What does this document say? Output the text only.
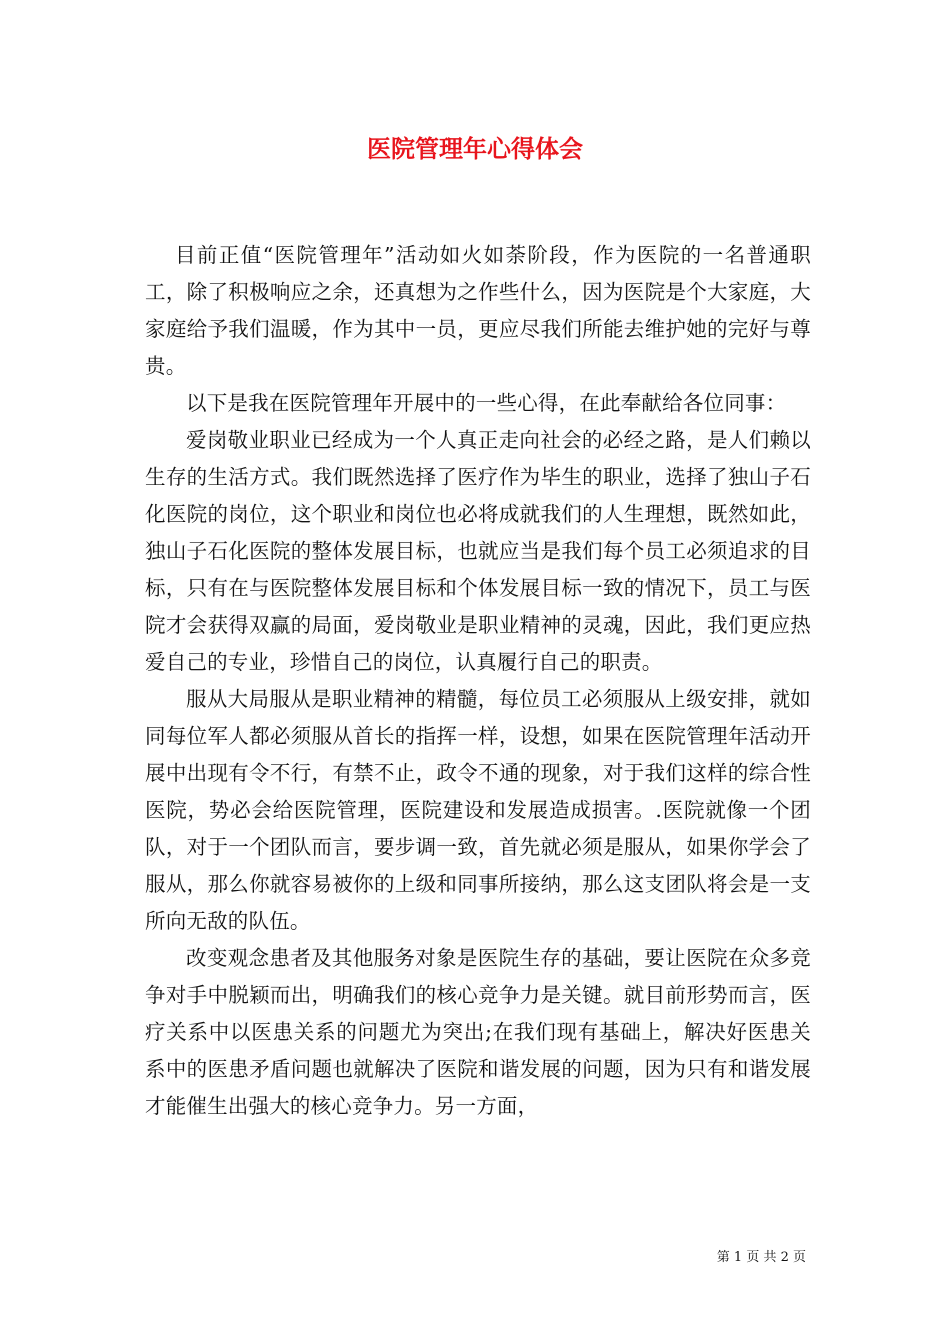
医院管理年心得体会

目前正值“医院管理年”活动如火如荼阶段，作为医院的一名普通职工，除了积极响应之余，还真想为之作些什么，因为医院是个大家庭，大家庭给予我们温暖，作为其中一员，更应尽我们所能去维护她的完好与尊贵。

以下是我在医院管理年开展中的一些心得，在此奉献给各位同事：

爱岗敬业职业已经成为一个人真正走向社会的必经之路，是人们赖以生存的生活方式。我们既然选择了医疗作为毕生的职业，选择了独山子石化医院的岗位，这个职业和岗位也必将成就我们的人生理想，既然如此，独山子石化医院的整体发展目标，也就应当是我们每个员工必须追求的目标，只有在与医院整体发展目标和个体发展目标一致的情况下，员工与医院才会获得双赢的局面，爱岗敬业是职业精神的灵魂，因此，我们更应热爱自己的专业，珍惜自己的岗位，认真履行自己的职责。

服从大局服从是职业精神的精髓，每位员工必须服从上级安排，就如同每位军人都必须服从首长的指挥一样，设想，如果在医院管理年活动开展中出现有令不行，有禁不止，政令不通的现象，对于我们这样的综合性医院，势必会给医院管理，医院建设和发展造成损害。.医院就像一个团队，对于一个团队而言，要步调一致，首先就必须是服从，如果你学会了服从，那么你就容易被你的上级和同事所接纳，那么这支团队将会是一支所向无敌的队伍。

改变观念患者及其他服务对象是医院生存的基础，要让医院在众多竞争对手中脱颖而出，明确我们的核心竞争力是关键。就目前形势而言，医疗关系中以医患关系的问题尤为突出;在我们现有基础上，解决好医患关系中的医患矛盾问题也就解决了医院和谐发展的问题，因为只有和谐发展才能催生出强大的核心竞争力。另一方面，

第 1 页 共 2 页
